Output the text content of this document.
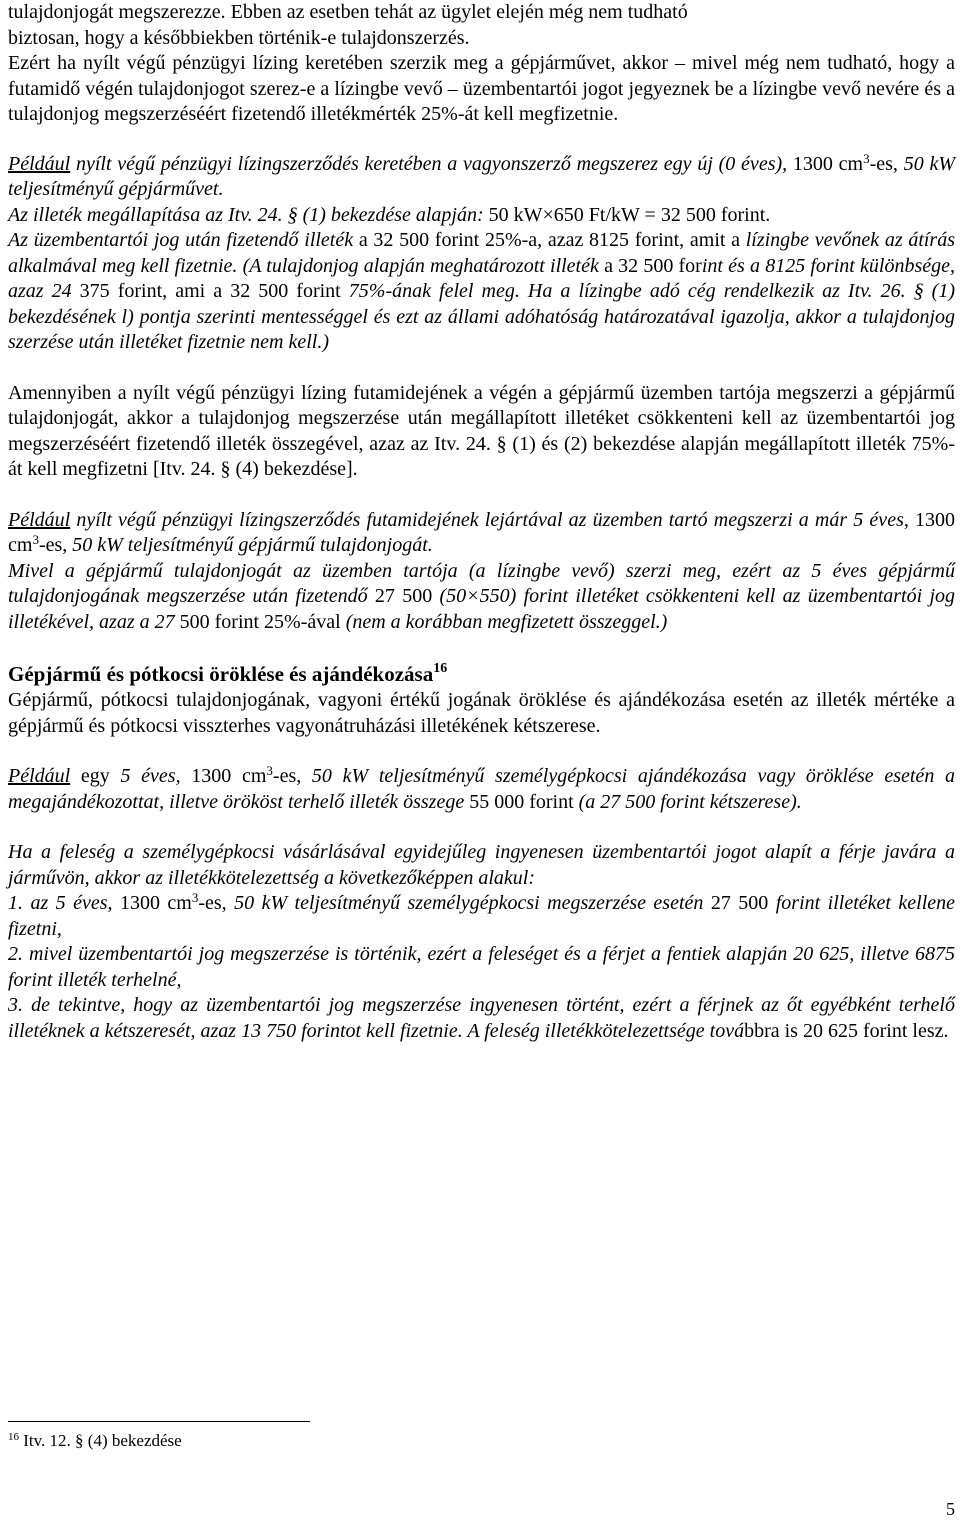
tulajdonjogát megszerezze. Ebben az esetben tehát az ügylet elején még nem tudható
biztosan, hogy a későbbiekben történik-e tulajdonszerzés.
Ezért ha nyílt végű pénzügyi lízing keretében szerzik meg a gépjárművet, akkor – mivel még nem tudható, hogy a futamidő végén tulajdonjogot szerez-e a lízingbe vevő – üzembentartói jogot jegyeznek be a lízingbe vevő nevére és a tulajdonjog megszerzéséért fizetendő illetékmérték 25%-át kell megfizetnie.

Például nyílt végű pénzügyi lízingszerződés keretében a vagyonszerző megszerez egy új (0 éves), 1300 $cm^3-es$, 50 kW teljesítményű gépjárművet.
Az illeték megállapítása az Itv. 24. § (1) bekezdése alapján: 50 kW×650 Ft/kW = 32 500 forint.
Az üzembentartói jog után fizetendő illeték a 32 500 forint 25%-a, azaz 8125 forint, amit a lízingbe vevőnek az átírás alkalmával meg kell fizetnie. (A tulajdonjog alapján meghatározott illeték a 32 500 forint és a 8125 forint különbsége, azaz 24 375 forint, ami a 32 500 forint 75%-ának felel meg. Ha a lízingbe adó cég rendelkezik az Itv. 26. § (1) bekezdésének l) pontja szerinti mentességgel és ezt az állami adóhatóság határozatával igazolja, akkor a tulajdonjog szerzése után illetéket fizetnie nem kell.)

Amennyiben a nyílt végű pénzügyi lízing futamidejének a végén a gépjármű üzemben tartója megszerzi a gépjármű tulajdonjogát, akkor a tulajdonjog megszerzése után megállapított illetéket csökkenteni kell az üzembentartói jog megszerzéséért fizetendő illeték összegével, azaz az Itv. 24. § (1) és (2) bekezdése alapján megállapított illeték 75%-át kell megfizetni [Itv. 24. § (4) bekezdése].

Például nyílt végű pénzügyi lízingszerződés futamidejének lejártával az üzemben tartó megszerzi a már 5 éves, 1300 $cm^3-es$, 50 kW teljesítményű gépjármű tulajdonjogát.
Mivel a gépjármű tulajdonjogát az üzemben tartója (a lízingbe vevő) szerzi meg, ezért az 5 éves gépjármű tulajdonjogának megszerzése után fizetendő 27 500 (50×550) forint illetéket csökkenteni kell az üzembentartói jog illetékével, azaz a 27 500 forint 25%-ával (nem a korábban megfizetett összeggel.)

Gépjármű és pótkocsi öröklése és ajándékozása$^{16}$

Gépjármű, pótkocsi tulajdonjogának, vagyoni értékű jogának öröklése és ajándékozása esetén az illeték mértéke a gépjármű és pótkocsi visszterhes vagyonátruházási illetékének kétszerese.

Például egy 5 éves, 1300 $cm^3-es$, 50 kW teljesítményű személygépkocsi ajándékozása vagy öröklése esetén a megajándékozottat, illetve örököst terhelő illeték összege 55 000 forint (a 27 500 forint kétszerese).

Ha a feleség a személygépkocsi vásárlásával egyidejűleg ingyenesen üzembentartói jogot alapít a férje javára a járművön, akkor az illetékkötelezettség a következőképpen alakul:
1. az 5 éves, 1300 $cm^3-es$, 50 kW teljesítményű személygépkocsi megszerzése esetén 27 500 forint illetéket kellene fizetni,
2. mivel üzembentartói jog megszerzése is történik, ezért a feleséget és a férjet a fentiek alapján 20 625, illetve 6875 forint illeték terhelné,
3. de tekintve, hogy az üzembentartói jog megszerzése ingyenesen történt, ezért a férjnek az őt egyébként terhelő illetéknek a kétszeresét, azaz 13 750 forintot kell fizetnie. A feleség illetékkötelezettsége továbbra is 20 625 forint lesz.

$^{16}$ Itv. 12. § (4) bekezdése
5
